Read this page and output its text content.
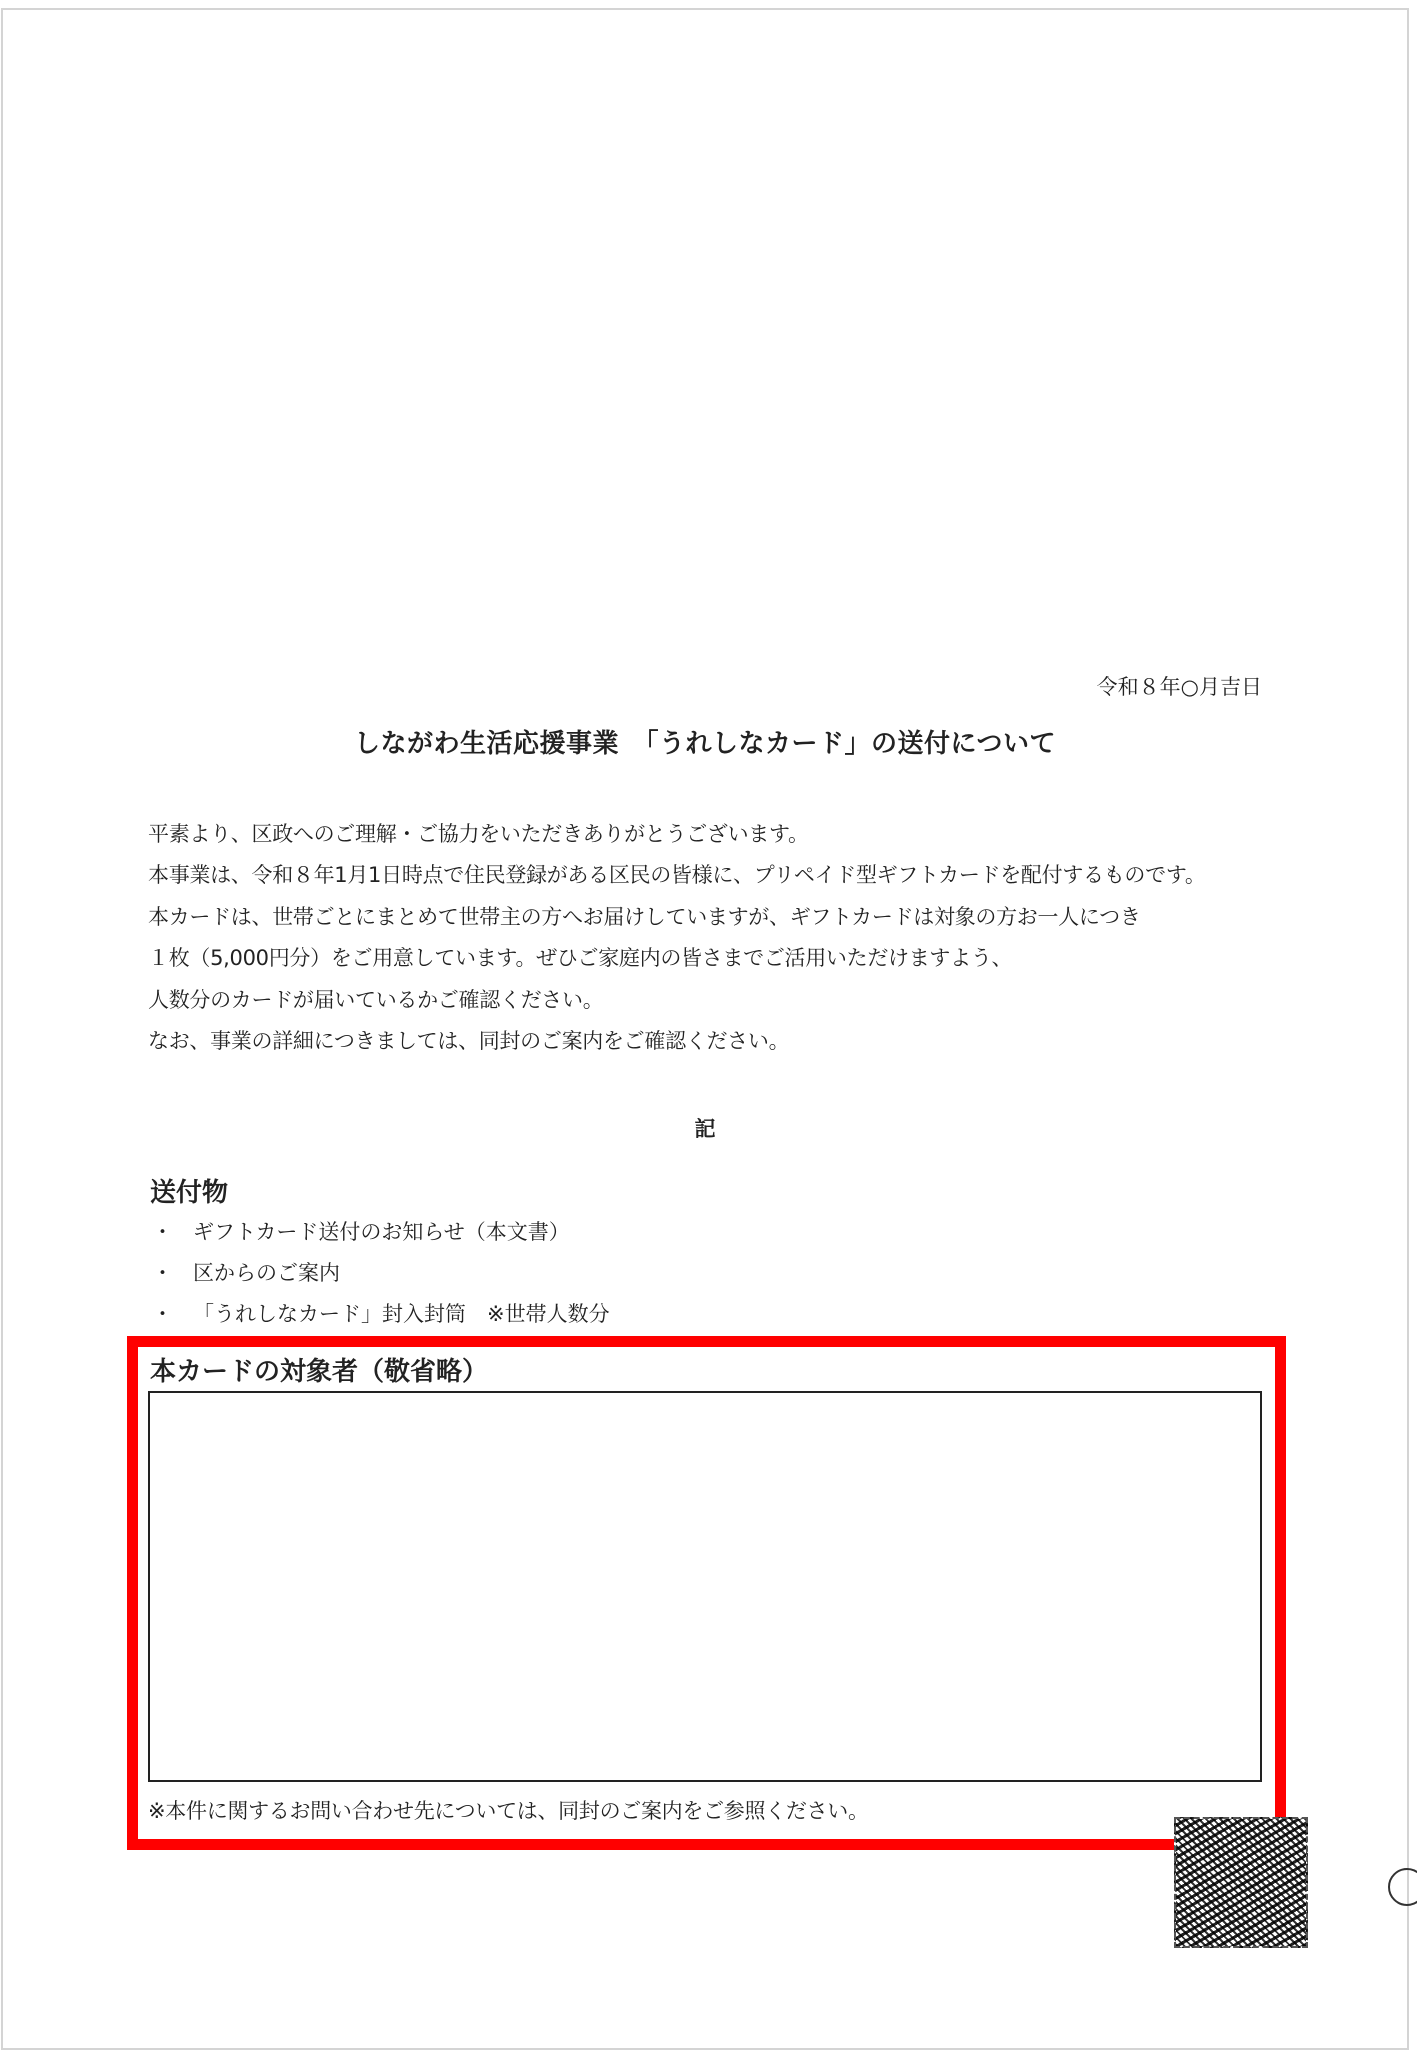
令和８年○月吉日
しながわ生活応援事業　「うれしなカード」の送付について
平素より、区政へのご理解・ご協力をいただきありがとうございます。
本事業は、令和８年1月1日時点で住民登録がある区民の皆様に、プリペイド型ギフトカードを配付するものです。
本カードは、世帯ごとにまとめて世帯主の方へお届けしていますが、ギフトカードは対象の方お一人につき
１枚（5,000円分）をご用意しています。ぜひご家庭内の皆さまでご活用いただけますよう、
人数分のカードが届いているかご確認ください。
なお、事業の詳細につきましては、同封のご案内をご確認ください。
記
送付物
・ ギフトカード送付のお知らせ（本文書）
・ 区からのご案内
・ 「うれしなカード」封入封筒　※世帯人数分
本カードの対象者（敬省略）
※本件に関するお問い合わせ先については、同封のご案内をご参照ください。
